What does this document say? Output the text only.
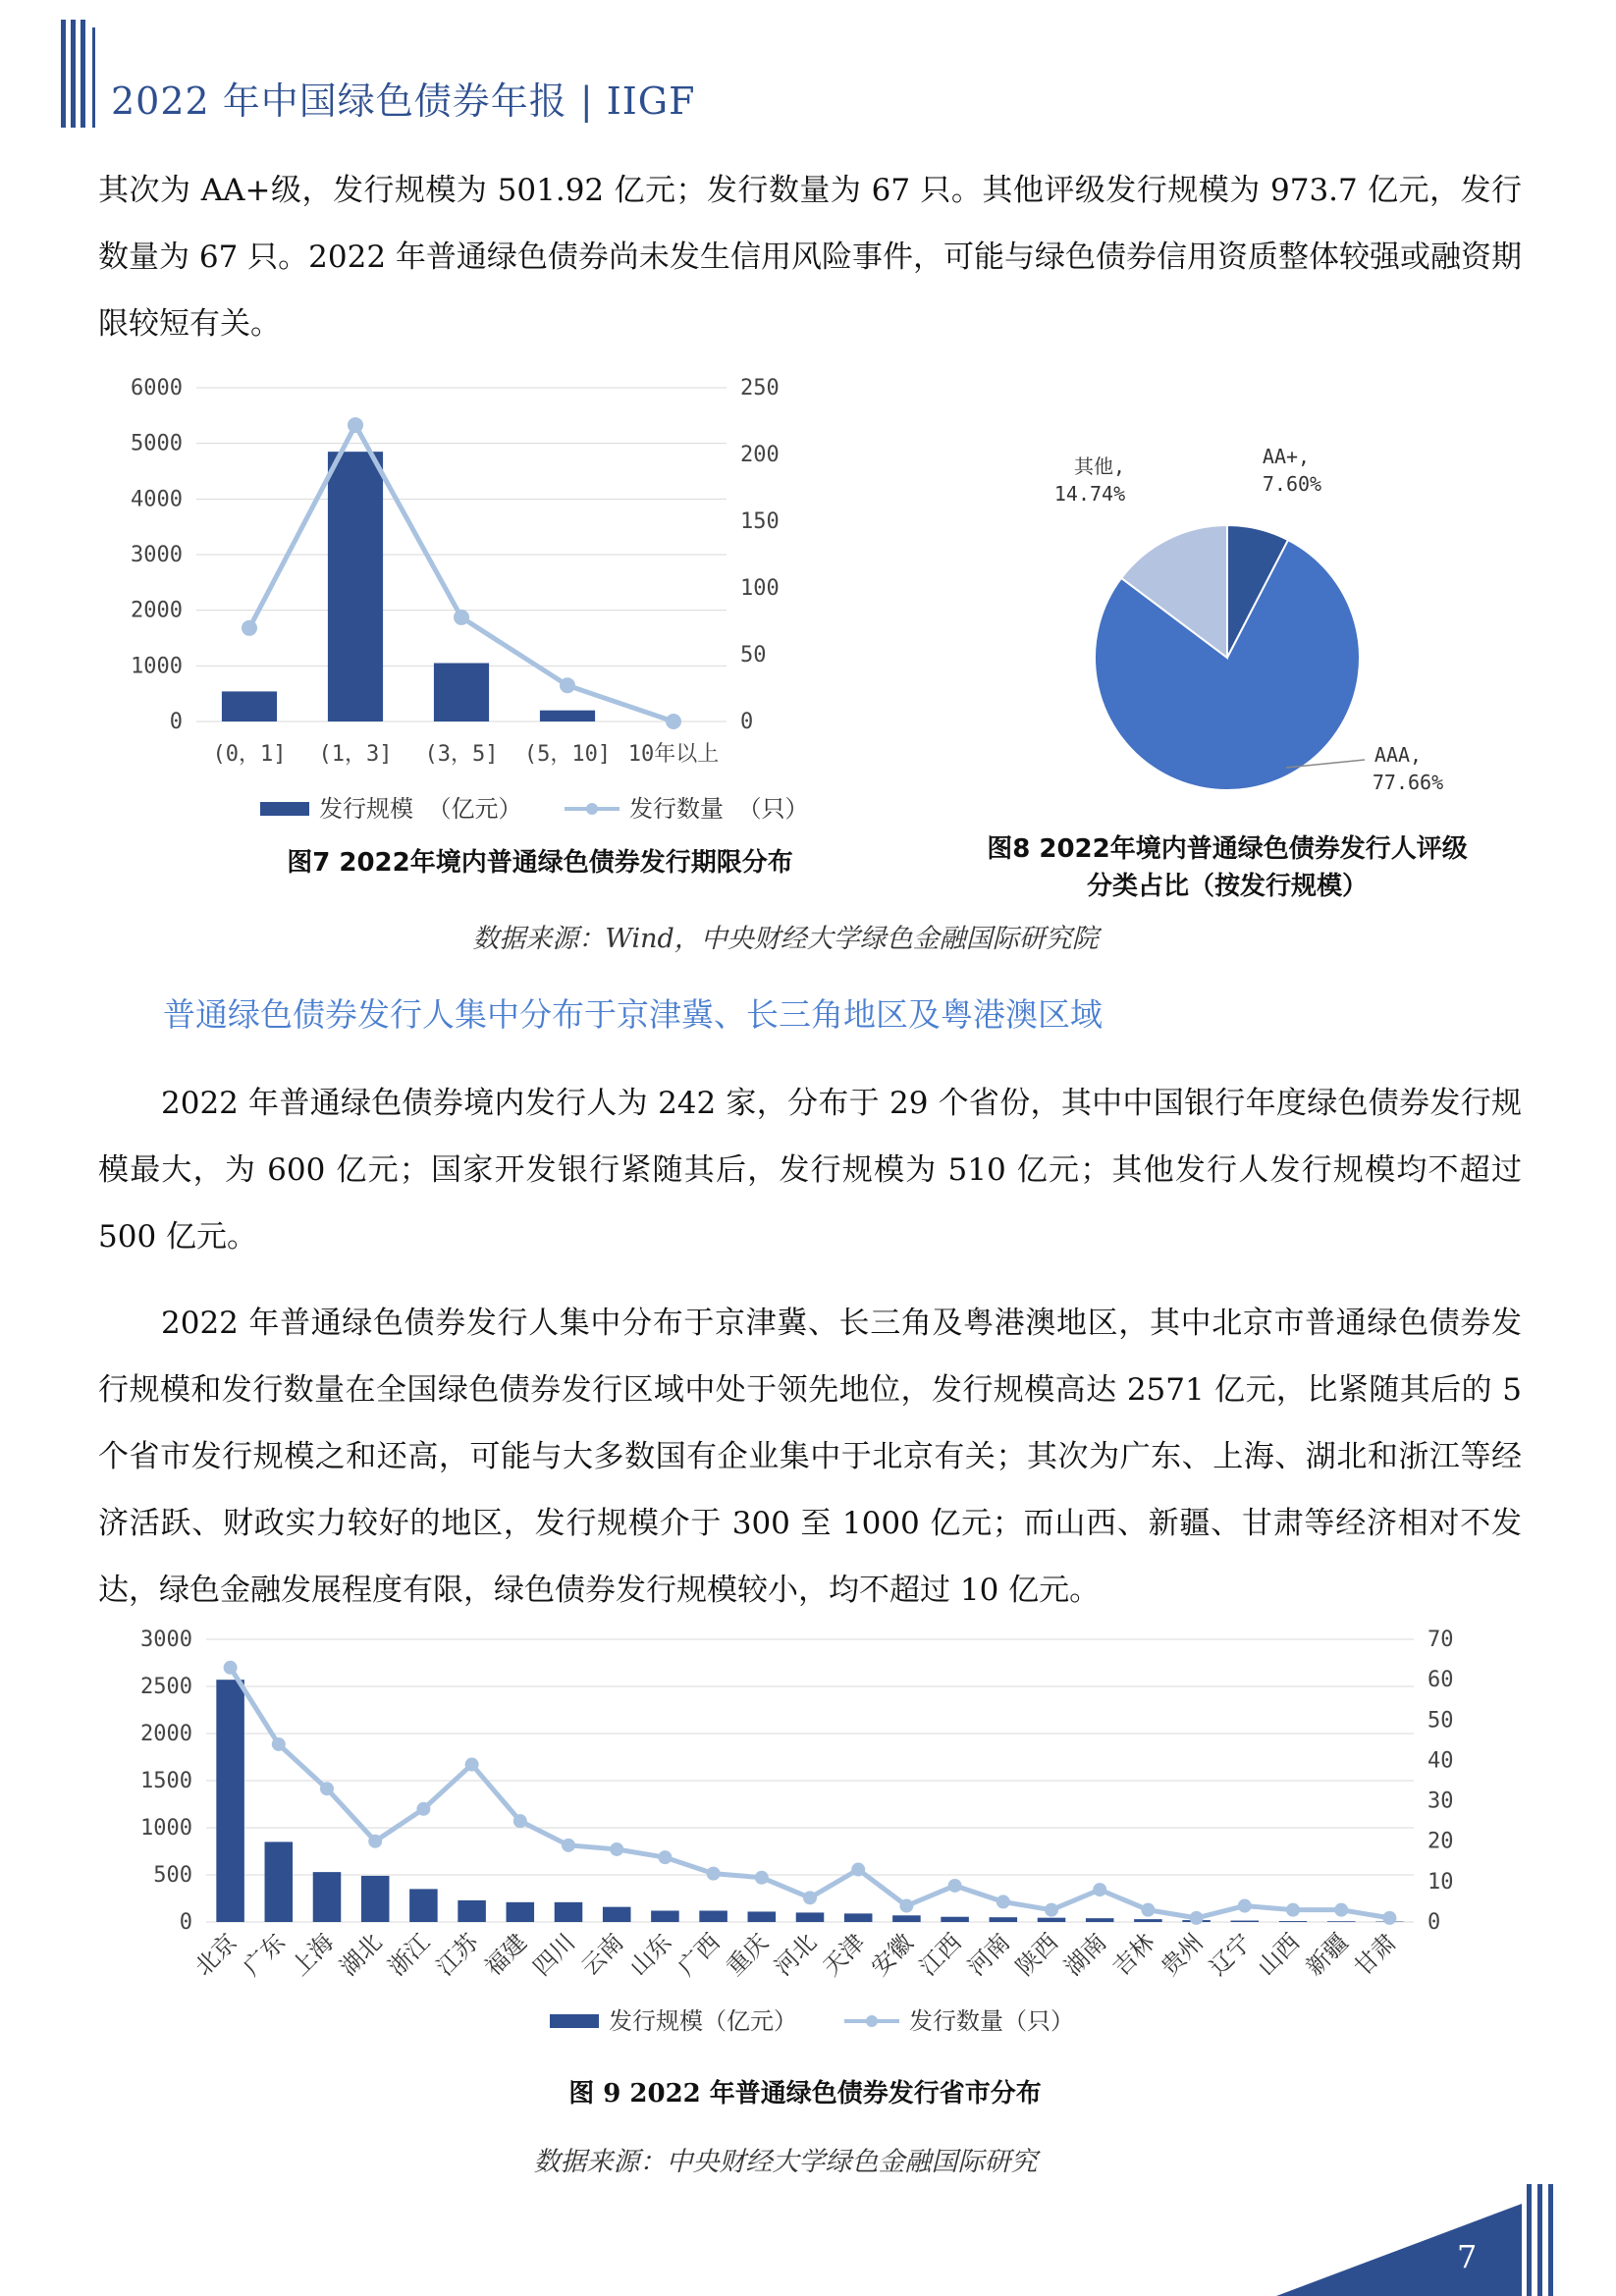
2022 年中国绿色债券年报 | IIGF
其次为 AA+级，发行规模为 501.92 亿元；发行数量为 67 只。其他评级发行规模为 973.7 亿元，发行数量为 67 只。2022 年普通绿色债券尚未发生信用风险事件，可能与绿色债券信用资质整体较强或融资期限较短有关。
0
1000
2000
3000
4000
5000
6000
0
50
100
150
200
250
(0，1] (1，3] (3，5] (5，10] 10年以上
发行规模 （亿元）	发行数量 （只）
图7 2022年境内普通绿色债券发行期限分布
AA+,
7.60%
其他,
14.74%
AAA,
77.66%
图8 2022年境内普通绿色债券发行人评级
分类占比（按发行规模）
数据来源：Wind，中央财经大学绿色金融国际研究院
普通绿色债券发行人集中分布于京津冀、长三角地区及粤港澳区域
2022 年普通绿色债券境内发行人为 242 家，分布于 29 个省份，其中中国银行年度绿色债券发行规模最大，为 600 亿元；国家开发银行紧随其后，发行规模为 510 亿元；其他发行人发行规模均不超过 500 亿元。
2022 年普通绿色债券发行人集中分布于京津冀、长三角及粤港澳地区，其中北京市普通绿色债券发行规模和发行数量在全国绿色债券发行区域中处于领先地位，发行规模高达 2571 亿元，比紧随其后的 5 个省市发行规模之和还高，可能与大多数国有企业集中于北京有关；其次为广东、上海、湖北和浙江等经济活跃、财政实力较好的地区，发行规模介于 300 至 1000 亿元；而山西、新疆、甘肃等经济相对不发达，绿色金融发展程度有限，绿色债券发行规模较小，均不超过 10 亿元。
0
500
1000
1500
2000
2500
3000
0
10
20
30
40
50
60
70
北京
广东
上海
湖北
浙江
江苏
福建
四川
云南
山东
广西
重庆
河北
天津
安徽
江西
河南
陕西
湖南
吉林
贵州
辽宁
山西
新疆
甘肃
发行规模（亿元）	发行数量（只）
图 9 2022 年普通绿色债券发行省市分布
数据来源：中央财经大学绿色金融国际研究
7
